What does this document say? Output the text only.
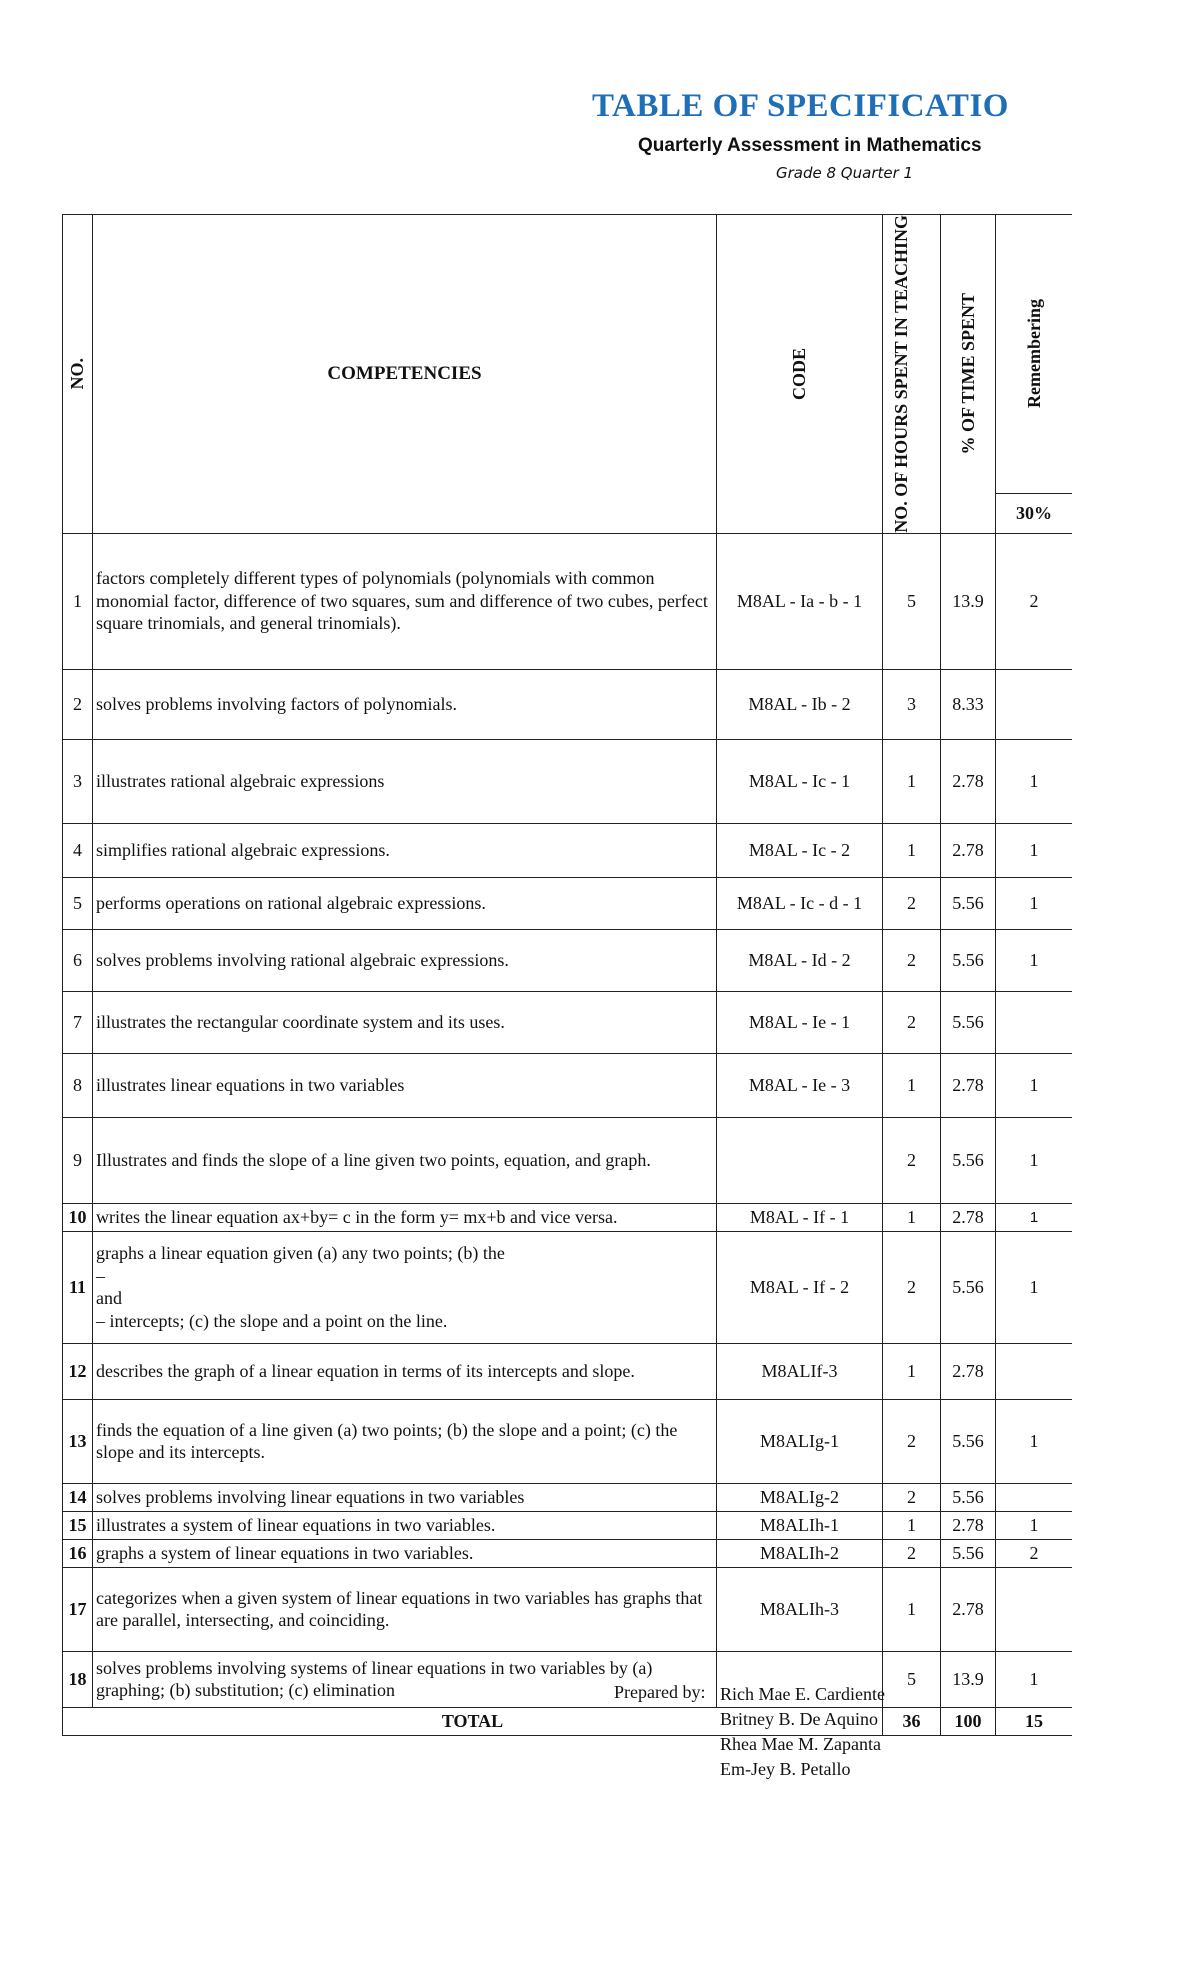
TABLE OF SPECIFICATIO
Quarterly Assessment in Mathematics
Grade 8 Quarter 1
NO.	COMPETENCIES	CODE	NO. OF HOURS SPENT IN TEACHING	% OF TIME SPENT	Remembering

					30%
1	factors completely different types of polynomials (polynomials with common monomial factor, difference of two squares, sum and difference of two cubes, perfect square trinomials, and general trinomials).	M8AL - Ia - b - 1	5	13.9	2
2	solves problems involving factors of polynomials.	M8AL - Ib - 2	3	8.33	
3	illustrates rational algebraic expressions	M8AL - Ic - 1	1	2.78	1
4	simplifies rational algebraic expressions.	M8AL - Ic - 2	1	2.78	1
5	performs operations on rational algebraic expressions.	M8AL - Ic - d - 1	2	5.56	1
6	solves problems involving rational algebraic expressions.	M8AL - Id - 2	2	5.56	1
7	illustrates the rectangular coordinate system and its uses.	M8AL - Ie - 1	2	5.56	
8	illustrates linear equations in two variables	M8AL - Ie - 3	1	2.78	1
9	Illustrates and finds the slope of a line given two points, equation, and graph.		2	5.56	1
10	writes the linear equation ax+by= c in the form y= mx+b and vice versa.	M8AL - If - 1	1	2.78	1
11	graphs a linear equation given (a) any two points; (b) the
–
and
– intercepts; (c) the slope and a point on the line.	M8AL - If - 2	2	5.56	1
12	describes the graph of a linear equation in terms of its intercepts and slope.	M8ALIf-3	1	2.78	
13	finds the equation of a line given (a) two points; (b) the slope and a point; (c) the slope and its intercepts.	M8ALIg-1	2	5.56	1
14	solves problems involving linear equations in two variables	M8ALIg-2	2	5.56	
15	illustrates a system of linear equations in two variables.	M8ALIh-1	1	2.78	1
16	graphs a system of linear equations in two variables.	M8ALIh-2	2	5.56	2
17	categorizes when a given system of linear equations in two variables has graphs that are parallel, intersecting, and coinciding.	M8ALIh-3	1	2.78	
18	solves problems involving systems of linear equations in two variables by (a) graphing; (b) substitution; (c) elimination		5	13.9	1
TOTAL			36	100	15
Prepared by: Rich Mae E. Cardiente
Britney B. De Aquino
Rhea Mae M. Zapanta
Em-Jey B. Petallo
